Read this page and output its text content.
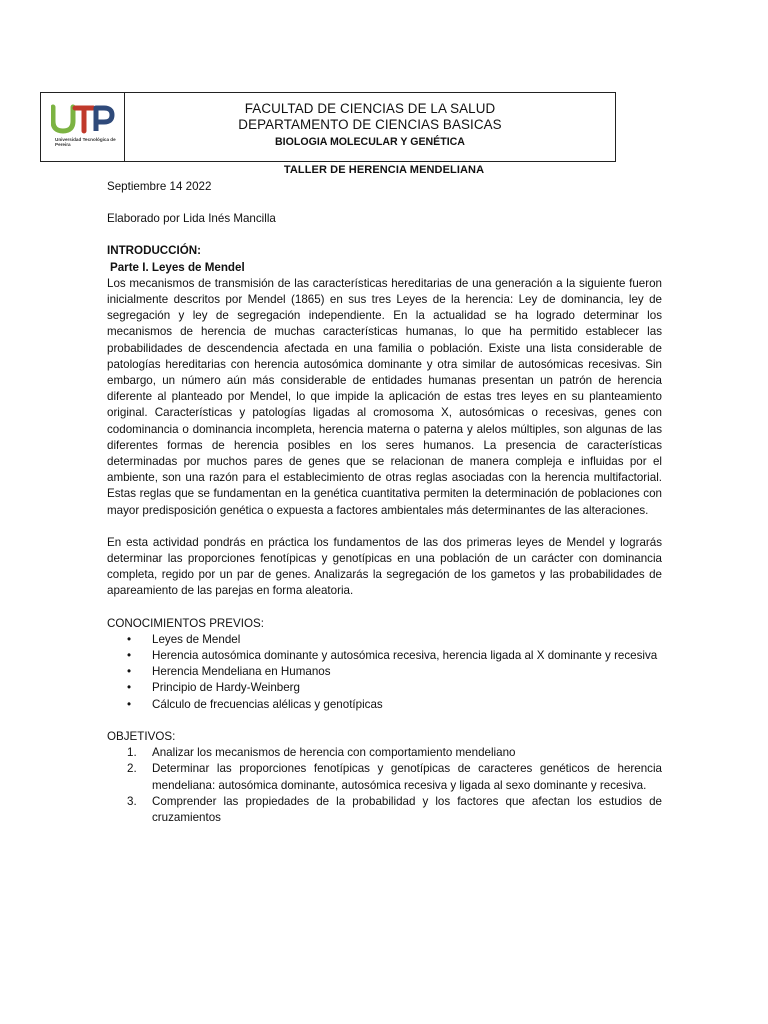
Universidad Tecnológica de Pereira
FACULTAD DE CIENCIAS DE LA SALUD
DEPARTAMENTO DE CIENCIAS BASICAS
BIOLOGIA MOLECULAR Y GENÉTICA
TALLER DE HERENCIA MENDELIANA

Septiembre 14 2022

Elaborado por Lida Inés Mancilla

INTRODUCCIÓN:

Parte I. Leyes de Mendel

Los mecanismos de transmisión de las características hereditarias de una generación a la siguiente fueron inicialmente descritos por Mendel (1865) en sus tres Leyes de la herencia: Ley de dominancia, ley de segregación y ley de segregación independiente. En la actualidad se ha logrado determinar los mecanismos de herencia de muchas características humanas, lo que ha permitido establecer las probabilidades de descendencia afectada en una familia o población. Existe una lista considerable de patologías hereditarias con herencia autosómica dominante y otra similar de autosómicas recesivas. Sin embargo, un número aún más considerable de entidades humanas presentan un patrón de herencia diferente al planteado por Mendel, lo que impide la aplicación de estas tres leyes en su planteamiento original. Características y patologías ligadas al cromosoma X, autosómicas o recesivas, genes con codominancia o dominancia incompleta, herencia materna o paterna y alelos múltiples, son algunas de las diferentes formas de herencia posibles en los seres humanos. La presencia de características determinadas por muchos pares de genes que se relacionan de manera compleja e influidas por el ambiente, son una razón para el establecimiento de otras reglas asociadas con la herencia multifactorial. Estas reglas que se fundamentan en la genética cuantitativa permiten la determinación de poblaciones con mayor predisposición genética o expuesta a factores ambientales más determinantes de las alteraciones.

En esta actividad pondrás en práctica los fundamentos de las dos primeras leyes de Mendel y lograrás determinar las proporciones fenotípicas y genotípicas en una población de un carácter con dominancia completa, regido por un par de genes. Analizarás la segregación de los gametos y las probabilidades de apareamiento de las parejas en forma aleatoria.

CONOCIMIENTOS PREVIOS:

• Leyes de Mendel
• Herencia autosómica dominante y autosómica recesiva, herencia ligada al X dominante y recesiva
• Herencia Mendeliana en Humanos
• Principio de Hardy-Weinberg
• Cálculo de frecuencias alélicas y genotípicas

OBJETIVOS:

1. Analizar los mecanismos de herencia con comportamiento mendeliano
2. Determinar las proporciones fenotípicas y genotípicas de caracteres genéticos de herencia mendeliana: autosómica dominante, autosómica recesiva y ligada al sexo dominante y recesiva.
3. Comprender las propiedades de la probabilidad y los factores que afectan los estudios de cruzamientos
